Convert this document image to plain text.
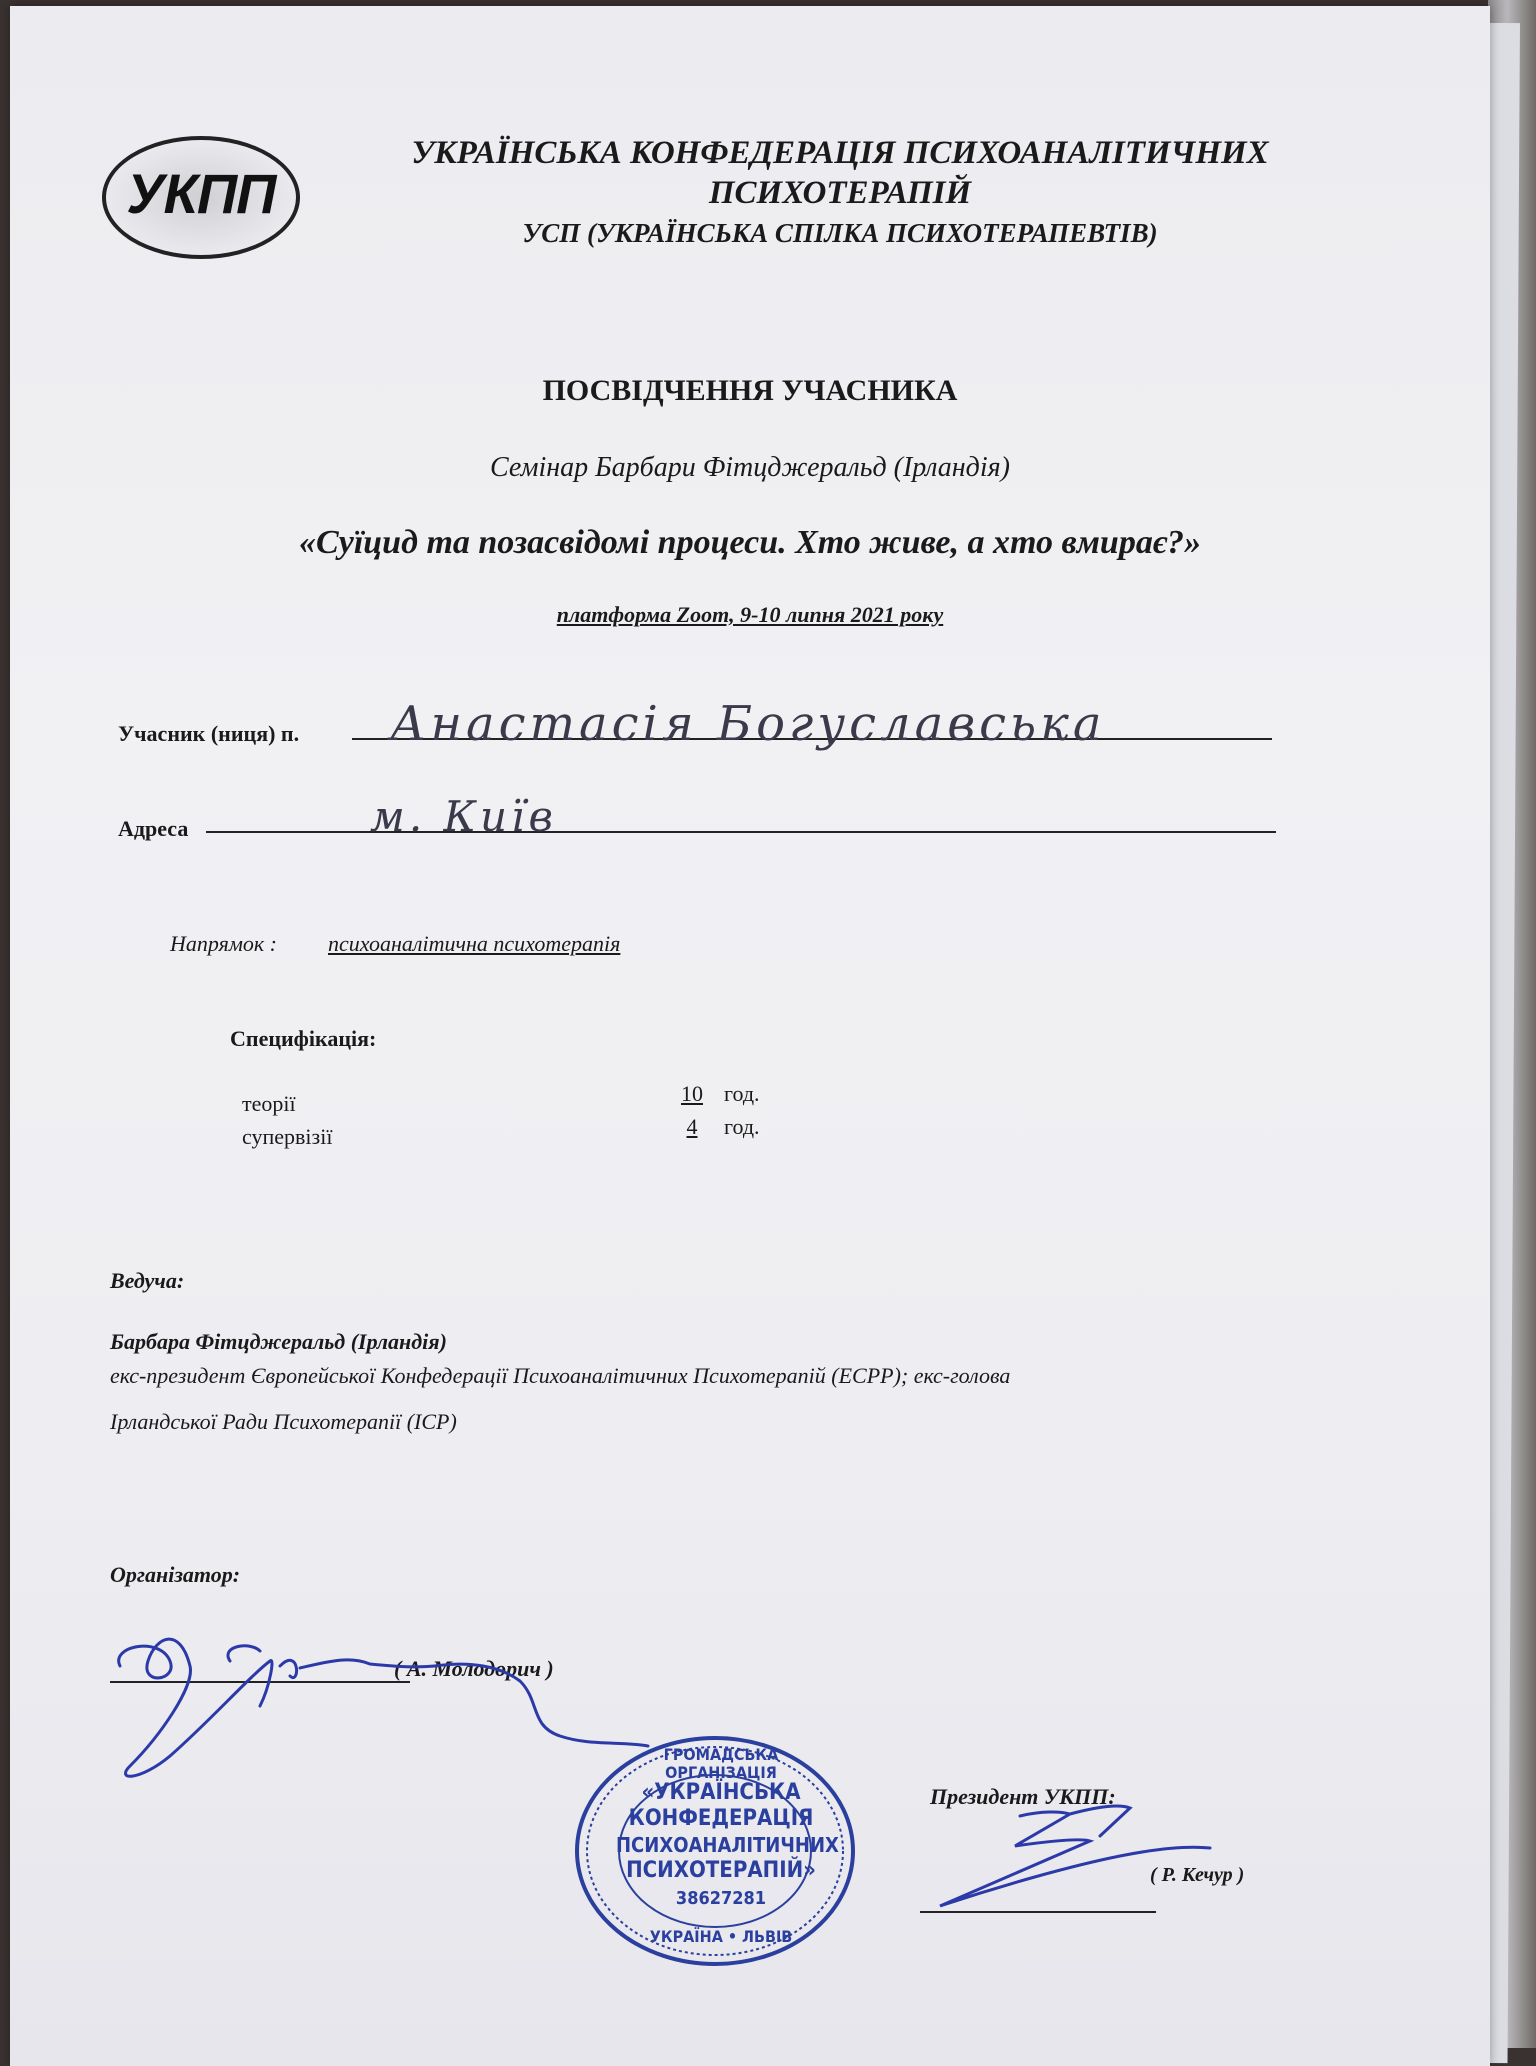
УКПП
УКРАЇНСЬКА КОНФЕДЕРАЦІЯ ПСИХОАНАЛІТИЧНИХ
ПСИХОТЕРАПІЙ
УСП (УКРАЇНСЬКА СПІЛКА ПСИХОТЕРАПЕВТІВ)
ПОСВІДЧЕННЯ УЧАСНИКА
Семінар Барбари Фітцджеральд (Ірландія)
«Суїцид та позасвідомі процеси. Хто живе, а хто вмирає?»
платформа Zoom, 9-10 липня 2021 року
Учасник (ниця) п. Анастасія Богуславська
Адреса	м. Київ
Напрямок : психоаналітична психотерапія
Специфікація:
теорії	10 год.
супервізії	4	год.
Ведуча:
Барбара Фітцджеральд (Ірландія)
екс-президент Європейської Конфедерації Психоаналітичних Психотерапій (ECPP); екс-голова
Ірландської Ради Психотерапії (ICP)
Організатор:
( А. Молодорич )
Президент УКПП:
( Р. Кечур )
ГРОМАДСЬКА ОРГАНІЗАЦІЯ
«УКРАЇНСЬКА
КОНФЕДЕРАЦІЯ
ПСИХОАНАЛІТИЧНИХ
ПСИХОТЕРАПІЙ»
38627281
УКРАЇНА • ЛЬВІВ
